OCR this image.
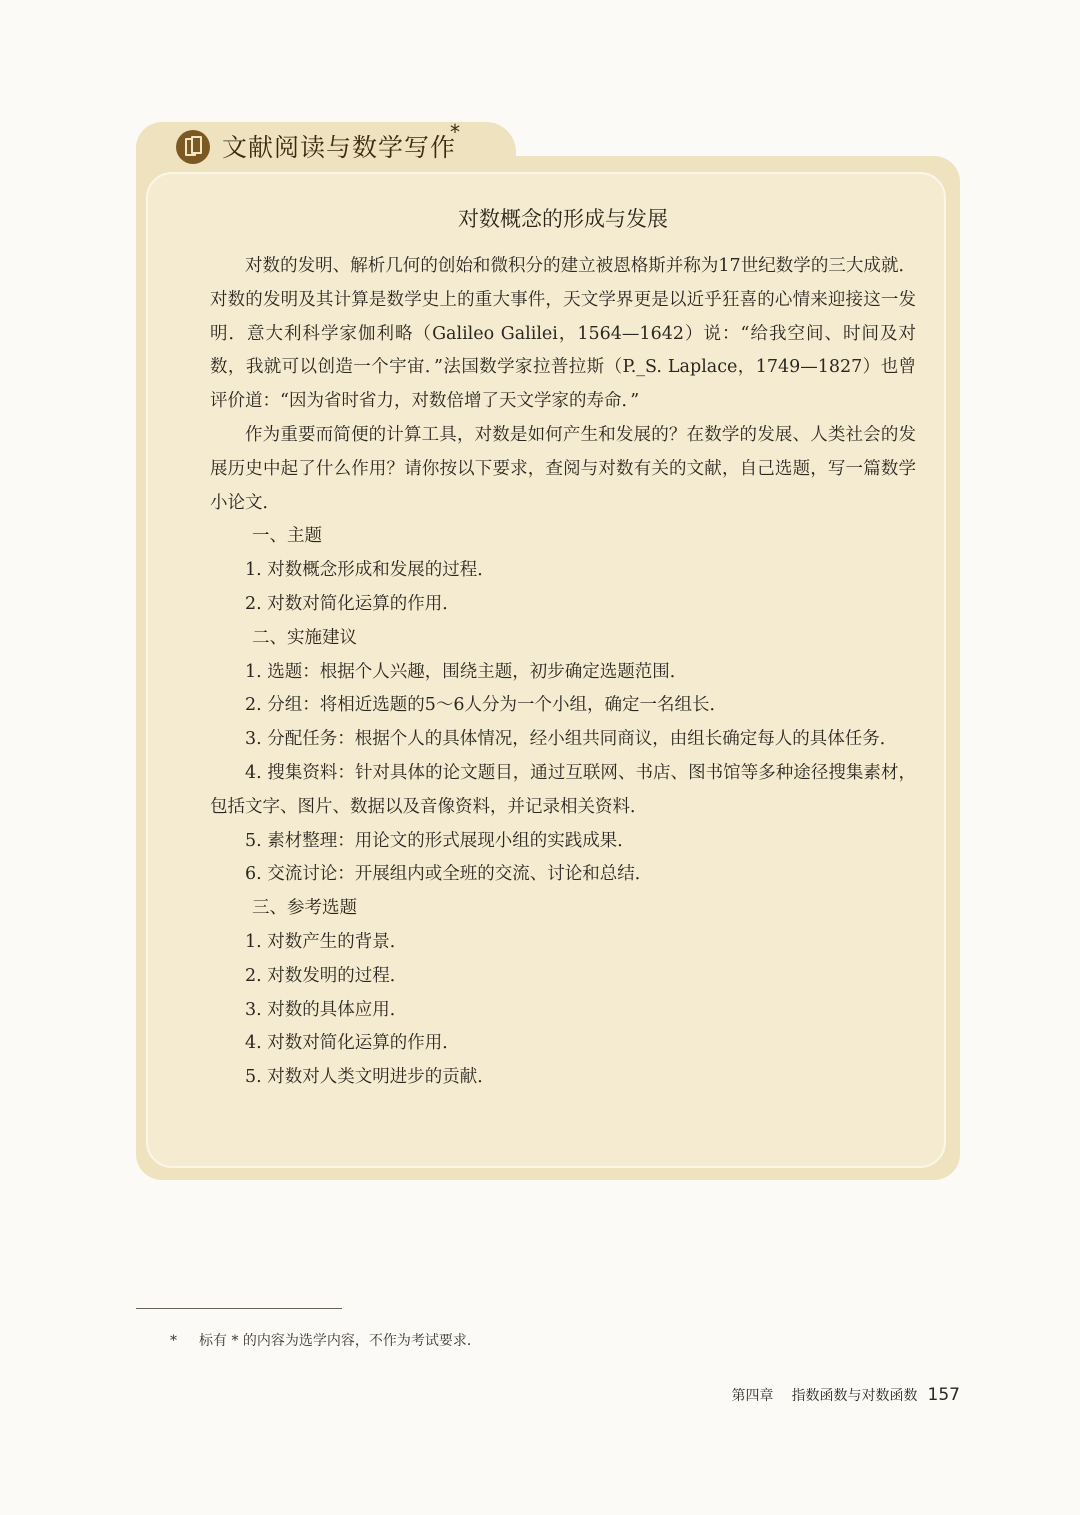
文献阅读与数学写作
*
对数概念的形成与发展

对数的发明、解析几何的创始和微积分的建立被恩格斯并称为17世纪数学的三大成就．对数的发明及其计算是数学史上的重大事件，天文学界更是以近乎狂喜的心情来迎接这一发明．意大利科学家伽利略（Galileo Galilei，1564—1642）说：“给我空间、时间及对数，我就可以创造一个宇宙．”法国数学家拉普拉斯（P._S. Laplace，1749—1827）也曾评价道：“因为省时省力，对数倍增了天文学家的寿命．”

作为重要而简便的计算工具，对数是如何产生和发展的？在数学的发展、人类社会的发展历史中起了什么作用？请你按以下要求，查阅与对数有关的文献，自己选题，写一篇数学小论文．

一、主题

1. 对数概念形成和发展的过程．

2. 对数对简化运算的作用．

二、实施建议

1. 选题：根据个人兴趣，围绕主题，初步确定选题范围．

2. 分组：将相近选题的5～6人分为一个小组，确定一名组长．

3. 分配任务：根据个人的具体情况，经小组共同商议，由组长确定每人的具体任务．

4. 搜集资料：针对具体的论文题目，通过互联网、书店、图书馆等多种途径搜集素材，包括文字、图片、数据以及音像资料，并记录相关资料．

5. 素材整理：用论文的形式展现小组的实践成果．

6. 交流讨论：开展组内或全班的交流、讨论和总结．

三、参考选题

1. 对数产生的背景．

2. 对数发明的过程．

3. 对数的具体应用．

4. 对数对简化运算的作用．

5. 对数对人类文明进步的贡献．

* 标有 * 的内容为选学内容，不作为考试要求．
第四章 指数函数与对数函数 157
